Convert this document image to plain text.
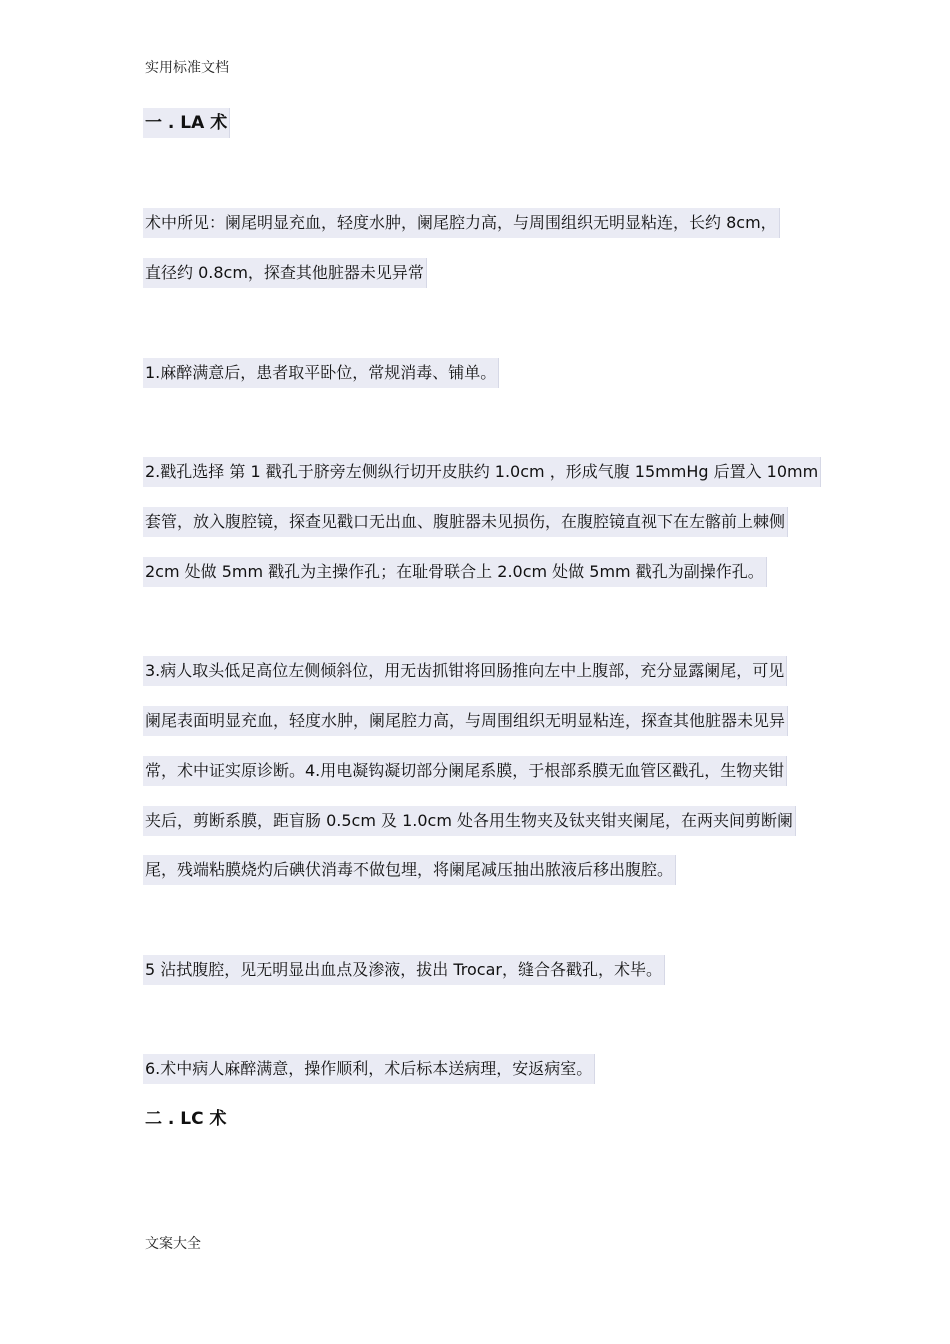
实用标准文档
一 . LA 术
术中所见：阑尾明显充血，轻度水肿，阑尾腔力高，与周围组织无明显粘连，长约 8cm，
直径约 0.8cm，探查其他脏器未见异常
1.麻醉满意后，患者取平卧位，常规消毒、铺单。
2.戳孔选择 第 1 戳孔于脐旁左侧纵行切开皮肤约 1.0cm ，形成气腹 15mmHg 后置入 10mm
套管，放入腹腔镜，探查见戳口无出血、腹脏器未见损伤，在腹腔镜直视下在左髂前上棘侧
2cm 处做 5mm 戳孔为主操作孔；在耻骨联合上 2.0cm 处做 5mm 戳孔为副操作孔。
3.病人取头低足高位左侧倾斜位，用无齿抓钳将回肠推向左中上腹部，充分显露阑尾，可见
阑尾表面明显充血，轻度水肿，阑尾腔力高，与周围组织无明显粘连，探查其他脏器未见异
常，术中证实原诊断。4.用电凝钩凝切部分阑尾系膜，于根部系膜无血管区戳孔，生物夹钳
夹后，剪断系膜，距盲肠 0.5cm 及 1.0cm 处各用生物夹及钛夹钳夹阑尾，在两夹间剪断阑
尾，残端粘膜烧灼后碘伏消毒不做包埋，将阑尾减压抽出脓液后移出腹腔。
5 沾拭腹腔，见无明显出血点及渗液，拔出 Trocar，缝合各戳孔，术毕。
6.术中病人麻醉满意，操作顺利，术后标本送病理，安返病室。
二 . LC 术
文案大全
